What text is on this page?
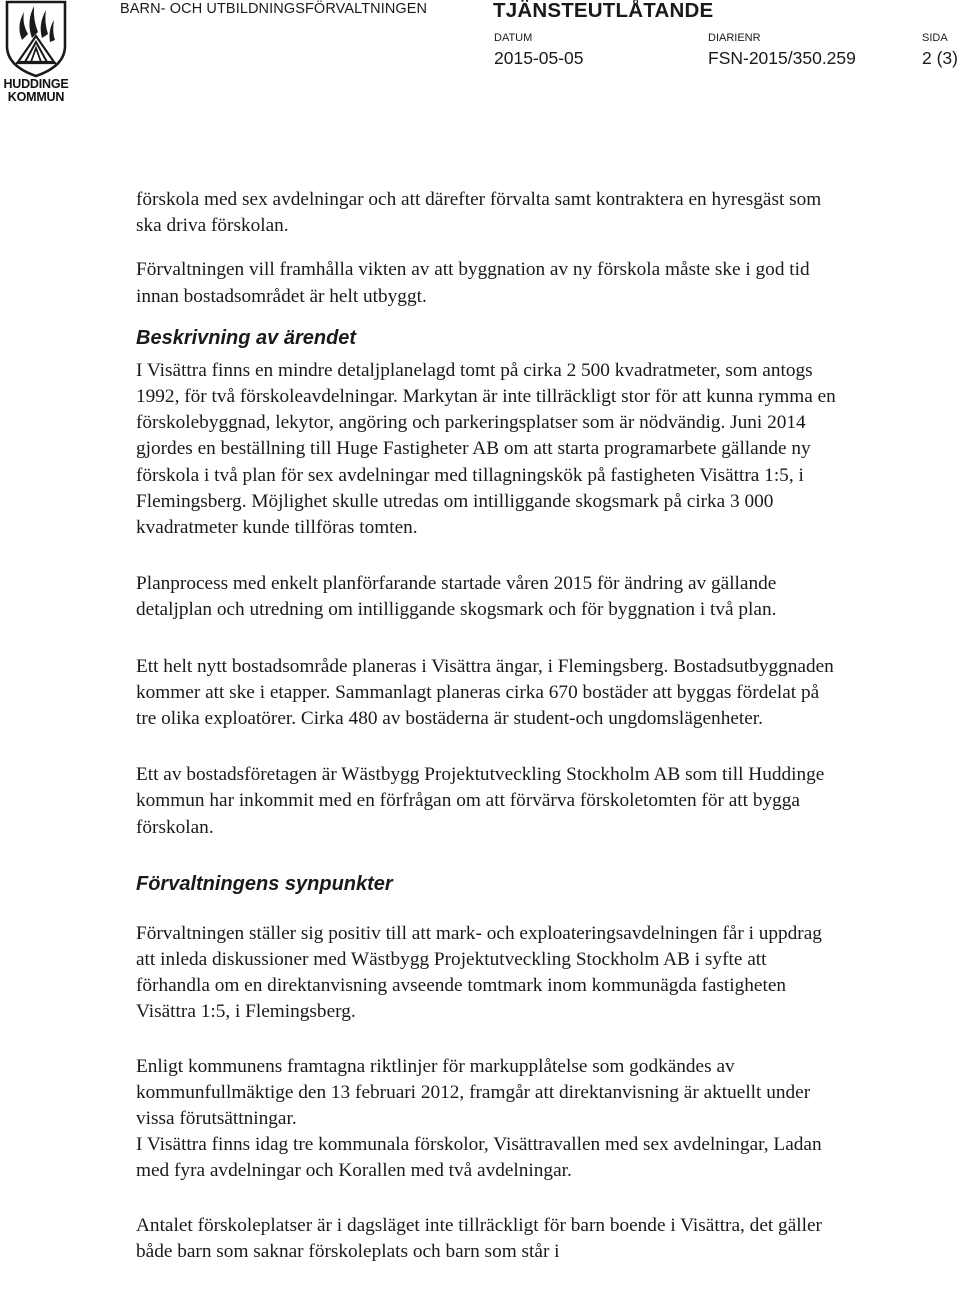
HUDDINGE
KOMMUN
BARN- OCH UTBILDNINGSFÖRVALTNINGEN	TJÄNSTEUTLÅTANDE
DATUM
2015-05-05
DIARIENR
FSN-2015/350.259
SIDA
2 (3)

förskola med sex avdelningar och att därefter förvalta samt kontraktera en hyresgäst som ska driva förskolan.

Förvaltningen vill framhålla vikten av att byggnation av ny förskola måste ske i god tid innan bostadsområdet är helt utbyggt.

Beskrivning av ärendet

I Visättra finns en mindre detaljplanelagd tomt på cirka 2 500 kvadratmeter, som antogs 1992, för två förskoleavdelningar. Markytan är inte tillräckligt stor för att kunna rymma en förskolebyggnad, lekytor, angöring och parkeringsplatser som är nödvändig. Juni 2014 gjordes en beställning till Huge Fastigheter AB om att starta programarbete gällande ny förskola i två plan för sex avdelningar med tillagningskök på fastigheten Visättra 1:5, i Flemingsberg. Möjlighet skulle utredas om intilliggande skogsmark på cirka 3 000 kvadratmeter kunde tillföras tomten.

Planprocess med enkelt planförfarande startade våren 2015 för ändring av gällande detaljplan och utredning om intilliggande skogsmark och för byggnation i två plan.

Ett helt nytt bostadsområde planeras i Visättra ängar, i Flemingsberg. Bostadsutbyggnaden kommer att ske i etapper. Sammanlagt planeras cirka 670 bostäder att byggas fördelat på tre olika exploatörer. Cirka 480 av bostäderna är student-och ungdomslägenheter.

Ett av bostadsföretagen är Wästbygg Projektutveckling Stockholm AB som till Huddinge kommun har inkommit med en förfrågan om att förvärva förskoletomten för att bygga förskolan.

Förvaltningens synpunkter

Förvaltningen ställer sig positiv till att mark- och exploateringsavdelningen får i uppdrag att inleda diskussioner med Wästbygg Projektutveckling Stockholm AB i syfte att förhandla om en direktanvisning avseende tomtmark inom kommunägda fastigheten Visättra 1:5, i Flemingsberg.

Enligt kommunens framtagna riktlinjer för markupplåtelse som godkändes av kommunfullmäktige den 13 februari 2012, framgår att direktanvisning är aktuellt under vissa förutsättningar.

I Visättra finns idag tre kommunala förskolor, Visättravallen med sex avdelningar, Ladan med fyra avdelningar och Korallen med två avdelningar.

Antalet förskoleplatser är i dagsläget inte tillräckligt för barn boende i Visättra, det gäller både barn som saknar förskoleplats och barn som står i
